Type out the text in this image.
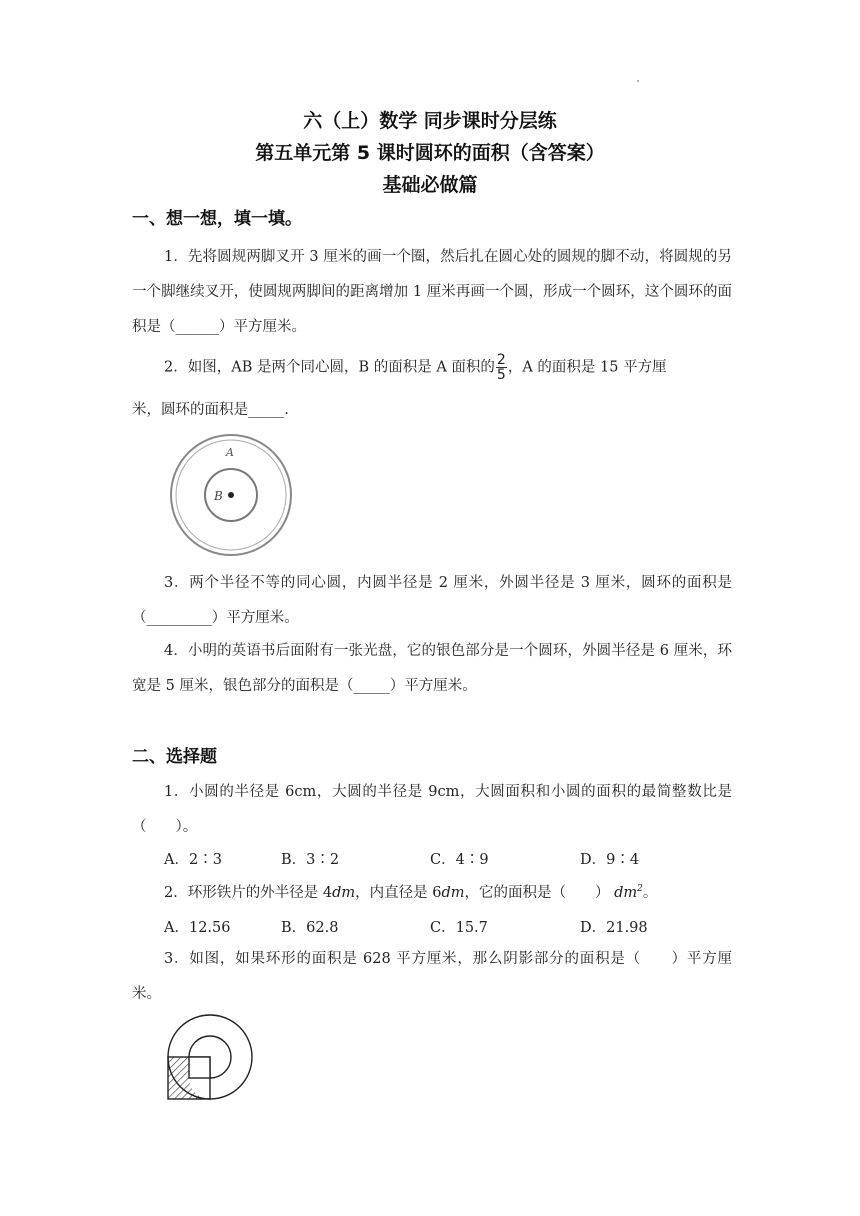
六（上）数学 同步课时分层练
第五单元第 5 课时圆环的面积（含答案）
基础必做篇
一、想一想，填一填。
1．先将圆规两脚叉开 3 厘米的画一个圈，然后扎在圆心处的圆规的脚不动，将圆规的另一个脚继续叉开，使圆规两脚间的距离增加 1 厘米再画一个圆，形成一个圆环，这个圆环的面积是（______）平方厘米。
2．如图，AB 是两个同心圆，B 的面积是 A 面积的 $\frac{2}{5}$ ，A 的面积是 15 平方厘
米，圆环的面积是_____.
A
B
3．两个半径不等的同心圆，内圆半径是 2 厘米，外圆半径是 3 厘米，圆环的面积是（_________）平方厘米。
4．小明的英语书后面附有一张光盘，它的银色部分是一个圆环，外圆半径是 6 厘米，环宽是 5 厘米，银色部分的面积是（_____）平方厘米。
二、选择题
1．小圆的半径是 6cm，大圆的半径是 9cm，大圆面积和小圆的面积的最简整数比是（　　）。
A．2∶3	B．3∶2	C．4∶9	D．9∶4
2．环形铁片的外半径是 4dm，内直径是 6dm，它的面积是（　　） $dm^2$。
A．12.56	B．62.8	C．15.7	D．21.98
3．如图，如果环形的面积是 628 平方厘米，那么阴影部分的面积是（　　）平方厘米。
